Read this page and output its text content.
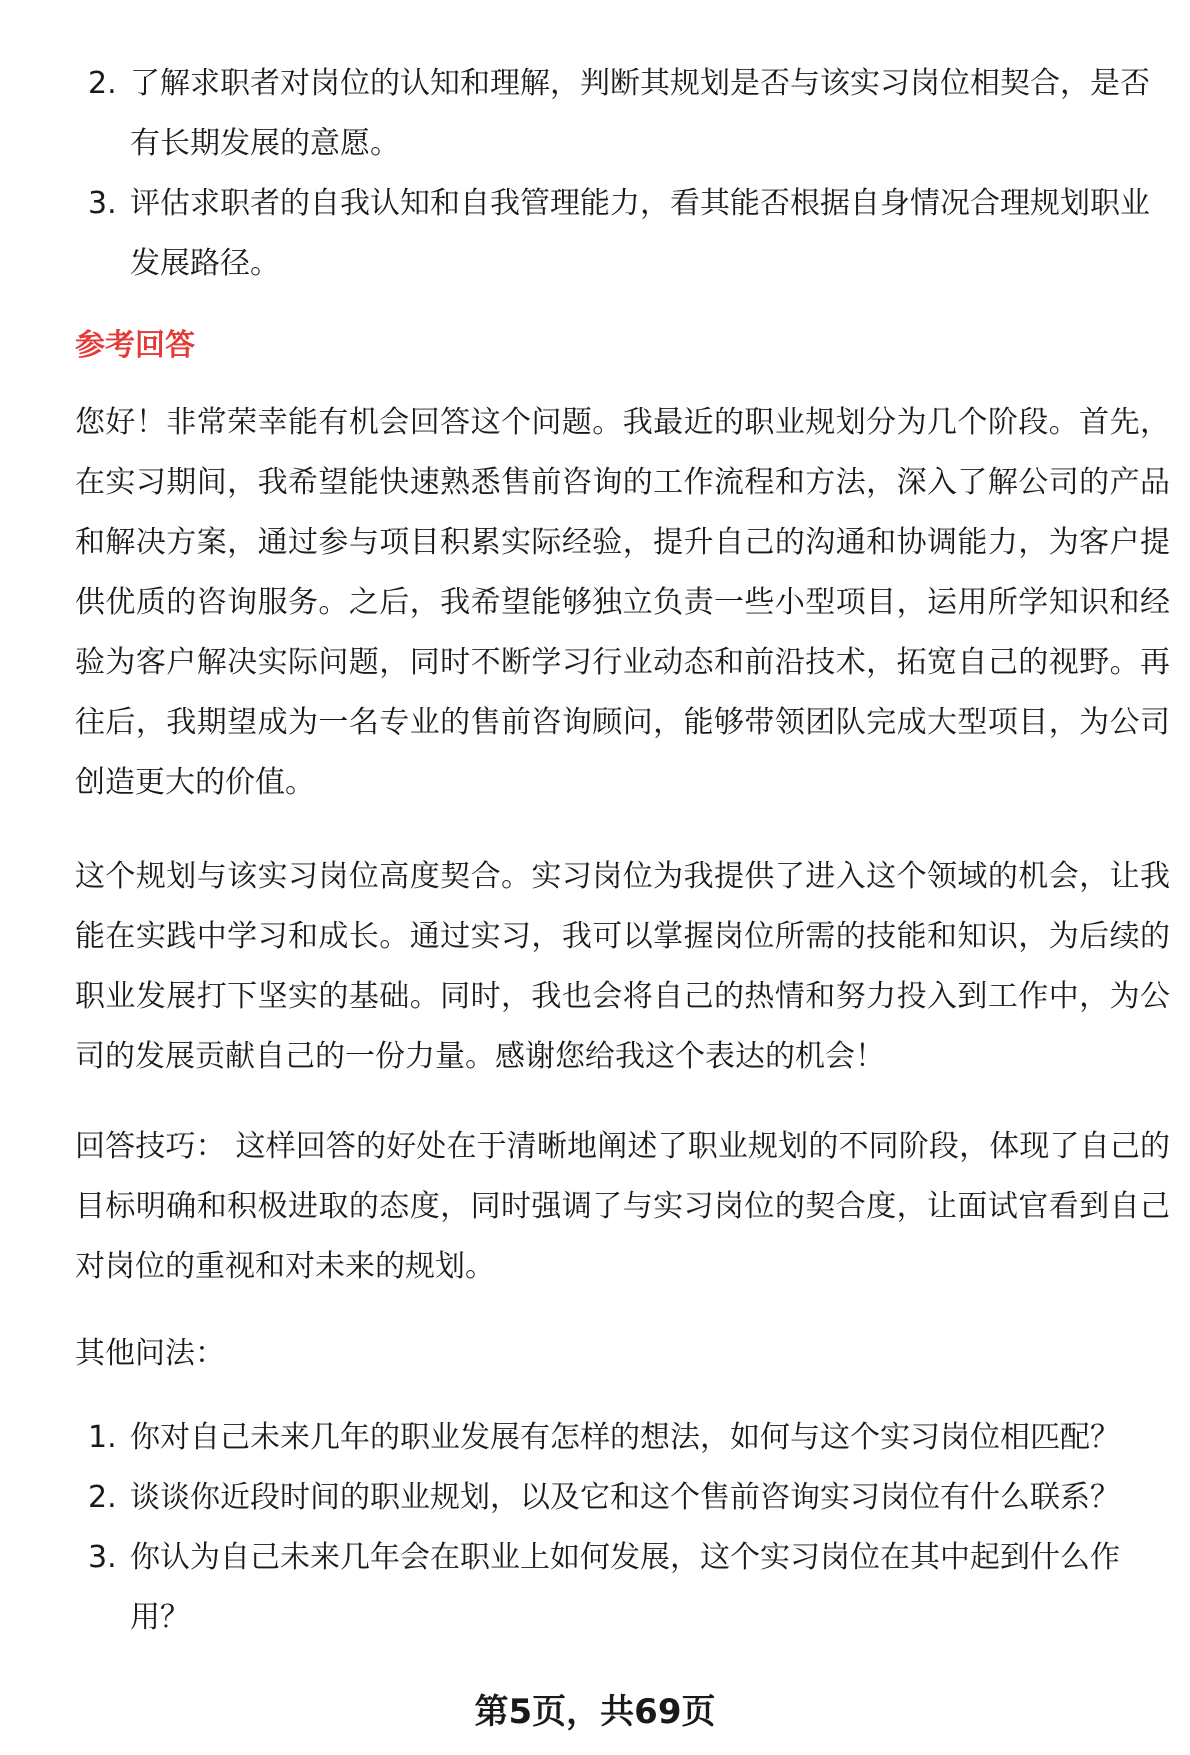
2. 了解求职者对岗位的认知和理解，判断其规划是否与该实习岗位相契合，是否有长期发展的意愿。
3. 评估求职者的自我认知和自我管理能力，看其能否根据自身情况合理规划职业发展路径。
参考回答

您好！非常荣幸能有机会回答这个问题。我最近的职业规划分为几个阶段。首先，在实习期间，我希望能快速熟悉售前咨询的工作流程和方法，深入了解公司的产品和解决方案，通过参与项目积累实际经验，提升自己的沟通和协调能力，为客户提供优质的咨询服务。之后，我希望能够独立负责一些小型项目，运用所学知识和经验为客户解决实际问题，同时不断学习行业动态和前沿技术，拓宽自己的视野。再往后，我期望成为一名专业的售前咨询顾问，能够带领团队完成大型项目，为公司创造更大的价值。

这个规划与该实习岗位高度契合。实习岗位为我提供了进入这个领域的机会，让我能在实践中学习和成长。通过实习，我可以掌握岗位所需的技能和知识，为后续的职业发展打下坚实的基础。同时，我也会将自己的热情和努力投入到工作中，为公司的发展贡献自己的一份力量。感谢您给我这个表达的机会！

回答技巧： 这样回答的好处在于清晰地阐述了职业规划的不同阶段，体现了自己的目标明确和积极进取的态度，同时强调了与实习岗位的契合度，让面试官看到自己对岗位的重视和对未来的规划。

其他问法：

1. 你对自己未来几年的职业发展有怎样的想法，如何与这个实习岗位相匹配？
2. 谈谈你近段时间的职业规划，以及它和这个售前咨询实习岗位有什么联系？
3. 你认为自己未来几年会在职业上如何发展，这个实习岗位在其中起到什么作用？
第5页，共69页
